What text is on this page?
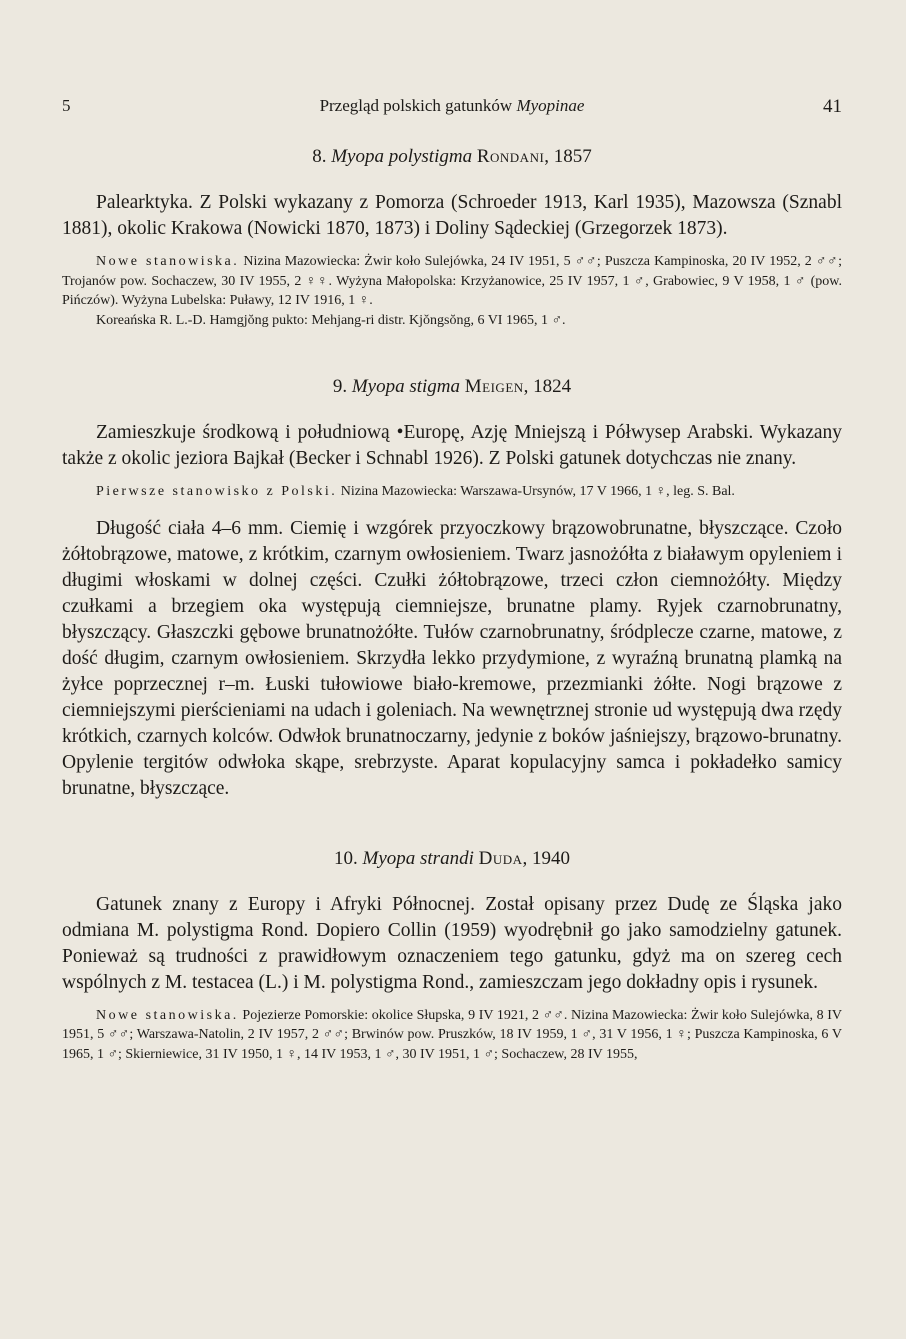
5	Przegląd polskich gatunków Myopinae	41
8. Myopa polystigma Rondani, 1857

Palearktyka. Z Polski wykazany z Pomorza (Schroeder 1913, Karl 1935), Mazowsza (Sznabl 1881), okolic Krakowa (Nowicki 1870, 1873) i Doliny Sądeckiej (Grzegorzek 1873).

Nowe stanowiska. Nizina Mazowiecka: Żwir koło Sulejówka, 24 IV 1951, 5 ♂♂; Puszcza Kampinoska, 20 IV 1952, 2 ♂♂; Trojanów pow. Sochaczew, 30 IV 1955, 2 ♀♀. Wyżyna Małopolska: Krzyżanowice, 25 IV 1957, 1 ♂, Grabowiec, 9 V 1958, 1 ♂ (pow. Pińczów). Wyżyna Lubelska: Puławy, 12 IV 1916, 1 ♀.

Koreańska R. L.-D. Hamgjŏng pukto: Mehjang-ri distr. Kjŏngsŏng, 6 VI 1965, 1 ♂.

9. Myopa stigma Meigen, 1824

Zamieszkuje środkową i południową •Europę, Azję Mniejszą i Półwysep Arabski. Wykazany także z okolic jeziora Bajkał (Becker i Schnabl 1926). Z Polski gatunek dotychczas nie znany.

Pierwsze stanowisko z Polski. Nizina Mazowiecka: Warszawa-Ursynów, 17 V 1966, 1 ♀, leg. S. Bal.

Długość ciała 4–6 mm. Ciemię i wzgórek przyoczkowy brązowobrunatne, błyszczące. Czoło żółtobrązowe, matowe, z krótkim, czarnym owłosieniem. Twarz jasnożółta z białawym opyleniem i długimi włoskami w dolnej części. Czułki żółtobrązowe, trzeci człon ciemnożółty. Między czułkami a brzegiem oka występują ciemniejsze, brunatne plamy. Ryjek czarnobrunatny, błyszczący. Głaszczki gębowe brunatnożółte. Tułów czarnobrunatny, śródplecze czarne, matowe, z dość długim, czarnym owłosieniem. Skrzydła lekko przydymione, z wyraźną brunatną plamką na żyłce poprzecznej r–m. Łuski tułowiowe biało-kremowe, przezmianki żółte. Nogi brązowe z ciemniejszymi pierścieniami na udach i goleniach. Na wewnętrznej stronie ud występują dwa rzędy krótkich, czarnych kolców. Odwłok brunatnoczarny, jedynie z boków jaśniejszy, brązowo-brunatny. Opylenie tergitów odwłoka skąpe, srebrzyste. Aparat kopulacyjny samca i pokładełko samicy brunatne, błyszczące.

10. Myopa strandi Duda, 1940

Gatunek znany z Europy i Afryki Północnej. Został opisany przez Dudę ze Śląska jako odmiana M. polystigma Rond. Dopiero Collin (1959) wyodrębnił go jako samodzielny gatunek. Ponieważ są trudności z prawidłowym oznaczeniem tego gatunku, gdyż ma on szereg cech wspólnych z M. testacea (L.) i M. polystigma Rond., zamieszczam jego dokładny opis i rysunek.

Nowe stanowiska. Pojezierze Pomorskie: okolice Słupska, 9 IV 1921, 2 ♂♂. Nizina Mazowiecka: Żwir koło Sulejówka, 8 IV 1951, 5 ♂♂; Warszawa-Natolin, 2 IV 1957, 2 ♂♂; Brwinów pow. Pruszków, 18 IV 1959, 1 ♂, 31 V 1956, 1 ♀; Puszcza Kampinoska, 6 V 1965, 1 ♂; Skierniewice, 31 IV 1950, 1 ♀, 14 IV 1953, 1 ♂, 30 IV 1951, 1 ♂; Sochaczew, 28 IV 1955,
